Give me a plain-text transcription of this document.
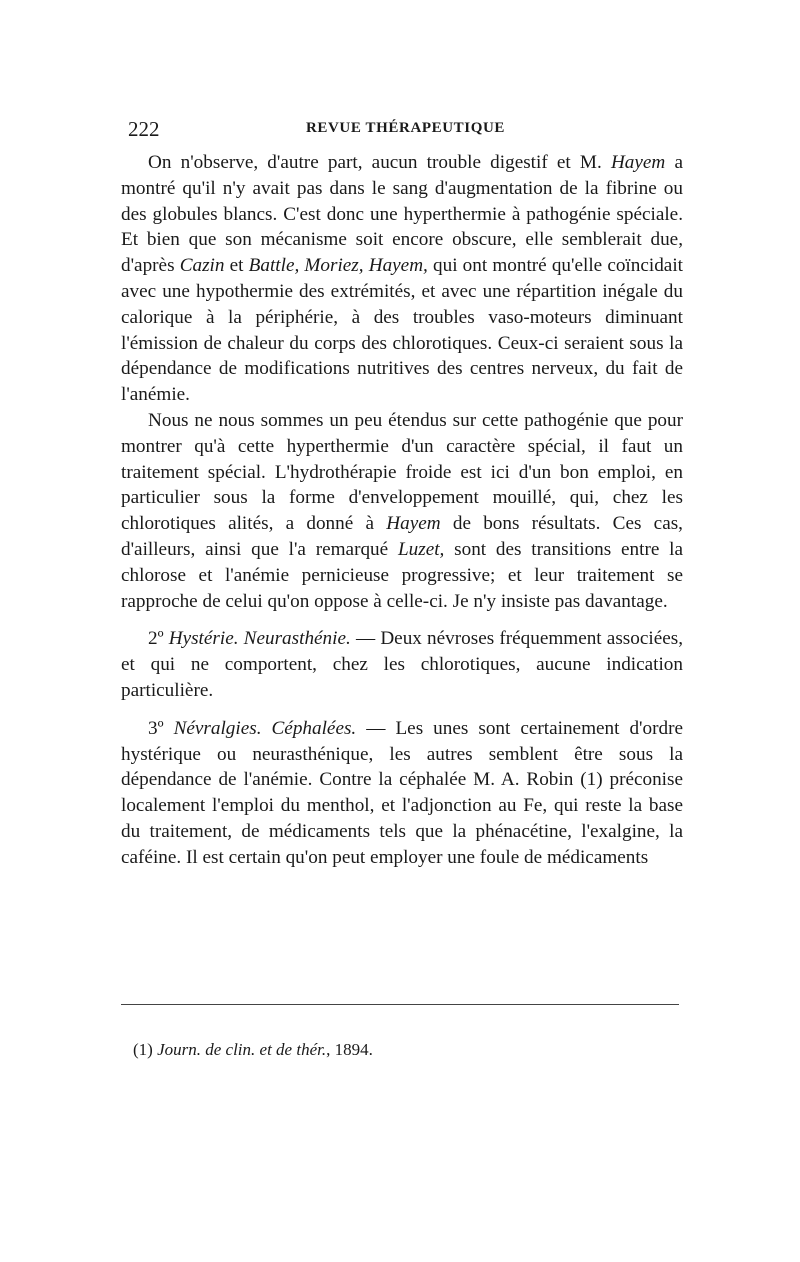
222	REVUE THÉRAPEUTIQUE

On n'observe, d'autre part, aucun trouble digestif et M. Hayem a montré qu'il n'y avait pas dans le sang d'augmentation de la fibrine ou des globules blancs. C'est donc une hyperthermie à pathogénie spéciale. Et bien que son mécanisme soit encore obscure, elle semblerait due, d'après Cazin et Battle, Moriez, Hayem, qui ont montré qu'elle coïncidait avec une hypothermie des extrémités, et avec une répartition inégale du calorique à la périphérie, à des troubles vaso-moteurs diminuant l'émission de chaleur du corps des chlorotiques. Ceux-ci seraient sous la dépendance de modifications nutritives des centres nerveux, du fait de l'anémie.

Nous ne nous sommes un peu étendus sur cette pathogénie que pour montrer qu'à cette hyperthermie d'un caractère spécial, il faut un traitement spécial. L'hydrothérapie froide est ici d'un bon emploi, en particulier sous la forme d'enveloppement mouillé, qui, chez les chlorotiques alités, a donné à Hayem de bons résultats. Ces cas, d'ailleurs, ainsi que l'a remarqué Luzet, sont des transitions entre la chlorose et l'anémie pernicieuse progressive; et leur traitement se rapproche de celui qu'on oppose à celle-ci. Je n'y insiste pas davantage.

2º Hystérie. Neurasthénie. — Deux névroses fréquemment associées, et qui ne comportent, chez les chlorotiques, aucune indication particulière.

3º Névralgies. Céphalées. — Les unes sont certainement d'ordre hystérique ou neurasthénique, les autres semblent être sous la dépendance de l'anémie. Contre la céphalée M. A. Robin (1) préconise localement l'emploi du menthol, et l'adjonction au Fe, qui reste la base du traitement, de médicaments tels que la phénacétine, l'exalgine, la caféine. Il est certain qu'on peut employer une foule de médicaments

(1) Journ. de clin. et de thér., 1894.
